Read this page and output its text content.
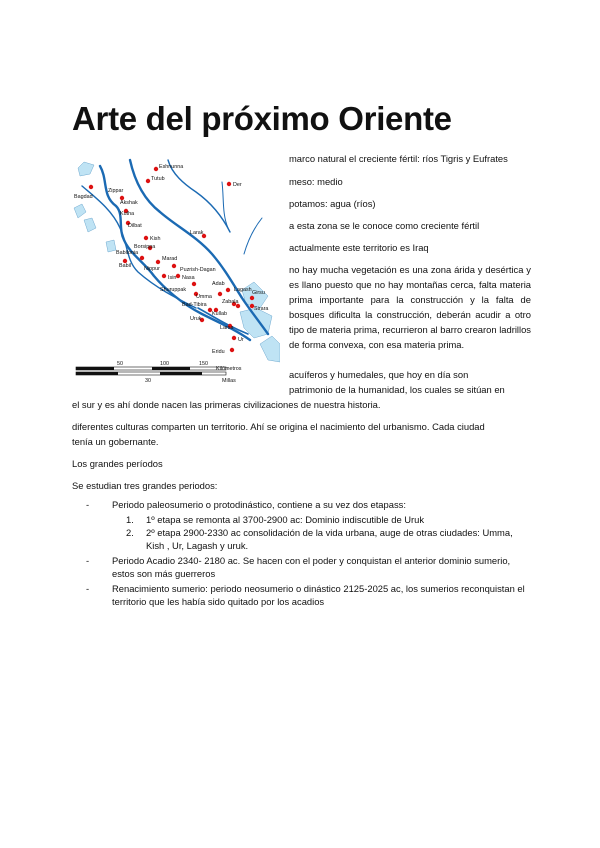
Arte del próximo Oriente
Eshnunna
Tutub
Der
Zippar
Bagdad
Akshak
Kutha
Larak
Dilbat
Kish
Borsippa
Babilonia
Marad
Babil Nippur	Puzrish-Dagan
Isin Nasa
Shuruppak
Adab
Lagash Girsu
Umma
Bad-Tibira	Zabala
Sirara
Uruk
Kullab
Larsa
Ur
Eridu
50	100	150
Kilómetros
30	Millas

marco natural el creciente fértil: ríos Tigris y Eufrates

meso: medio

potamos: agua (ríos)

a esta zona se le conoce como creciente fértil

actualmente este territorio es Iraq

no hay mucha vegetación es una zona árida y desértica y es llano puesto que no hay montañas cerca, falta materia prima importante para la construcción y la falta de bosques dificulta la construcción, deberán acudir a otro tipo de materia prima, recurrieron al barro crearon ladrillos de forma convexa, con esa materia prima.

acuíferos y humedales, que hoy en día son

patrimonio de la humanidad, los cuales se sitúan en

el sur y es ahí donde nacen las primeras civilizaciones de nuestra historia.

diferentes culturas comparten un territorio. Ahí se origina el nacimiento del urbanismo. Cada ciudad

tenía un gobernante.

Los grandes períodos

Se estudian tres grandes periodos:

- Periodo paleosumerio o protodinástico, contiene a su vez dos etapass:
1. 1º etapa se remonta al 3700-2900 ac: Dominio indiscutible de Uruk
2. 2º etapa 2900-2330 ac consolidación de la vida urbana, auge de otras ciudades: Umma, Kish , Ur, Lagash y uruk.
- Periodo Acadio 2340- 2180 ac. Se hacen con el poder y conquistan el anterior dominio sumerio, estos son más guerreros
- Renacimiento sumerio: periodo neosumerio o dinástico 2125-2025 ac, los sumerios reconquistan el territorio que les había sido quitado por los acadios
